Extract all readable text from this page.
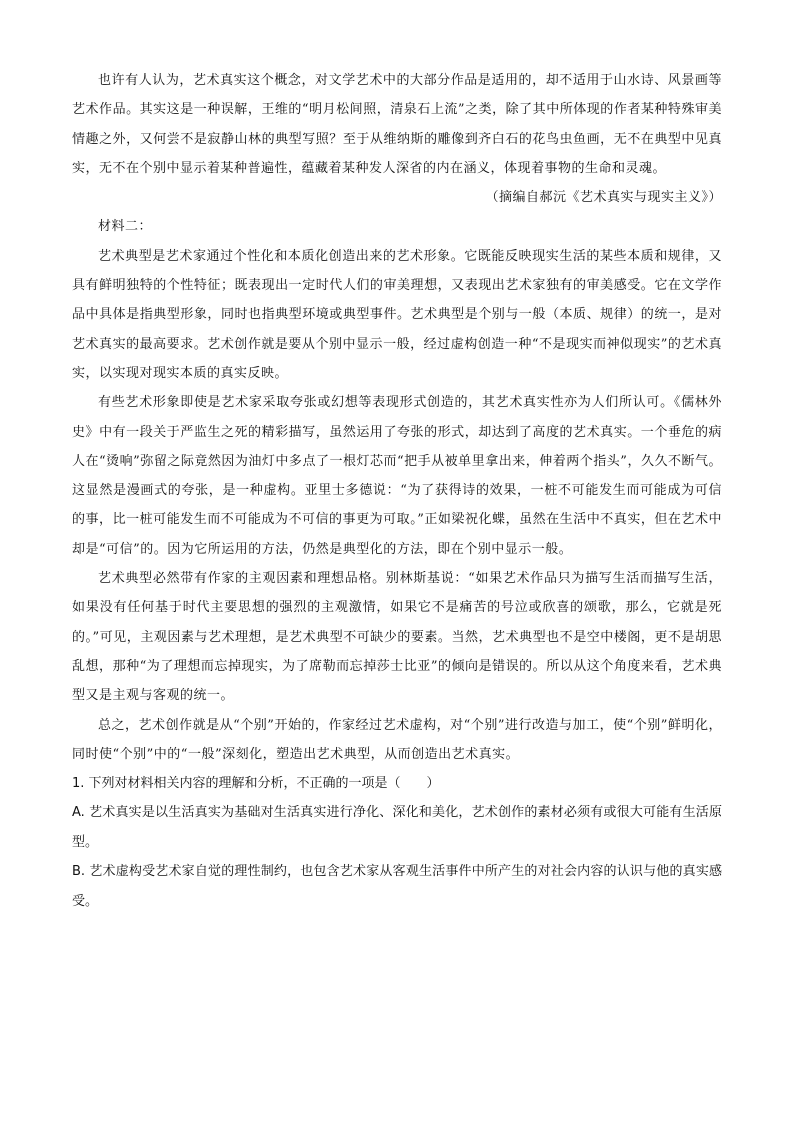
也许有人认为，艺术真实这个概念，对文学艺术中的大部分作品是适用的，却不适用于山水诗、风景画等艺术作品。其实这是一种误解，王维的“明月松间照，清泉石上流”之类，除了其中所体现的作者某种特殊审美情趣之外，又何尝不是寂静山林的典型写照？至于从维纳斯的雕像到齐白石的花鸟虫鱼画，无不在典型中见真实，无不在个别中显示着某种普遍性，蕴藏着某种发人深省的内在涵义，体现着事物的生命和灵魂。

（摘编自郝沅《艺术真实与现实主义》）

材料二：

艺术典型是艺术家通过个性化和本质化创造出来的艺术形象。它既能反映现实生活的某些本质和规律，又具有鲜明独特的个性特征；既表现出一定时代人们的审美理想，又表现出艺术家独有的审美感受。它在文学作品中具体是指典型形象，同时也指典型环境或典型事件。艺术典型是个别与一般（本质、规律）的统一，是对艺术真实的最高要求。艺术创作就是要从个别中显示一般，经过虚构创造一种“不是现实而神似现实”的艺术真实，以实现对现实本质的真实反映。

有些艺术形象即使是艺术家采取夸张或幻想等表现形式创造的，其艺术真实性亦为人们所认可。《儒林外史》中有一段关于严监生之死的精彩描写，虽然运用了夸张的形式，却达到了高度的艺术真实。一个垂危的病人在“烫响”弥留之际竟然因为油灯中多点了一根灯芯而“把手从被单里拿出来，伸着两个指头”，久久不断气。这显然是漫画式的夸张，是一种虚构。亚里士多德说：“为了获得诗的效果，一桩不可能发生而可能成为可信的事，比一桩可能发生而不可能成为不可信的事更为可取。”正如梁祝化蝶，虽然在生活中不真实，但在艺术中却是“可信”的。因为它所运用的方法，仍然是典型化的方法，即在个别中显示一般。

艺术典型必然带有作家的主观因素和理想品格。别林斯基说：“如果艺术作品只为描写生活而描写生活，如果没有任何基于时代主要思想的强烈的主观激情，如果它不是痛苦的号泣或欣喜的颂歌，那么，它就是死的。”可见，主观因素与艺术理想，是艺术典型不可缺少的要素。当然，艺术典型也不是空中楼阁，更不是胡思乱想，那种“为了理想而忘掉现实，为了席勒而忘掉莎士比亚”的倾向是错误的。所以从这个角度来看，艺术典型又是主观与客观的统一。

总之，艺术创作就是从“个别”开始的，作家经过艺术虚构，对“个别”进行改造与加工，使“个别”鲜明化，同时使“个别”中的“一般”深刻化，塑造出艺术典型，从而创造出艺术真实。

1. 下列对材料相关内容的理解和分析，不正确的一项是（　　）

A. 艺术真实是以生活真实为基础对生活真实进行净化、深化和美化，艺术创作的素材必须有或很大可能有生活原型。

B. 艺术虚构受艺术家自觉的理性制约，也包含艺术家从客观生活事件中所产生的对社会内容的认识与他的真实感受。
